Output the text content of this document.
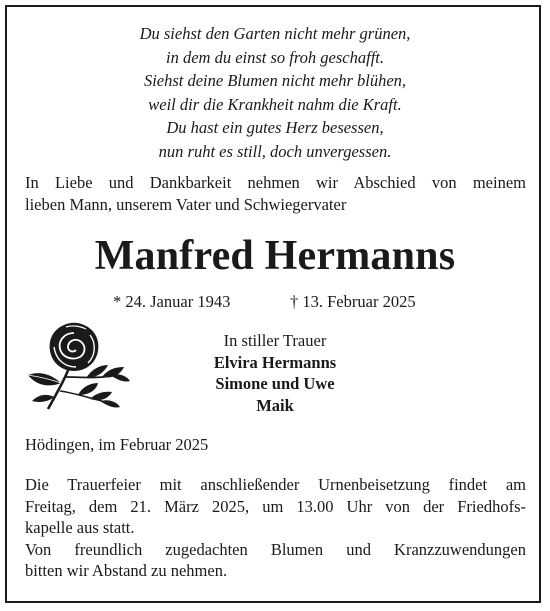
Du siehst den Garten nicht mehr grünen,
in dem du einst so froh geschafft.
Siehst deine Blumen nicht mehr blühen,
weil dir die Krankheit nahm die Kraft.
Du hast ein gutes Herz besessen,
nun ruht es still, doch unvergessen.
In Liebe und Dankbarkeit nehmen wir Abschied von meinem
lieben Mann, unserem Vater und Schwiegervater
Manfred Hermanns
* 24. Januar 1943	† 13. Februar 2025
In stiller Trauer
Elvira Hermanns
Simone und Uwe
Maik
Hödingen, im Februar 2025
Die Trauerfeier mit anschließender Urnenbeisetzung findet am
Freitag, dem 21. März 2025, um 13.00 Uhr von der Friedhofs-
kapelle aus statt.
Von freundlich zugedachten Blumen und Kranzzuwendungen
bitten wir Abstand zu nehmen.
